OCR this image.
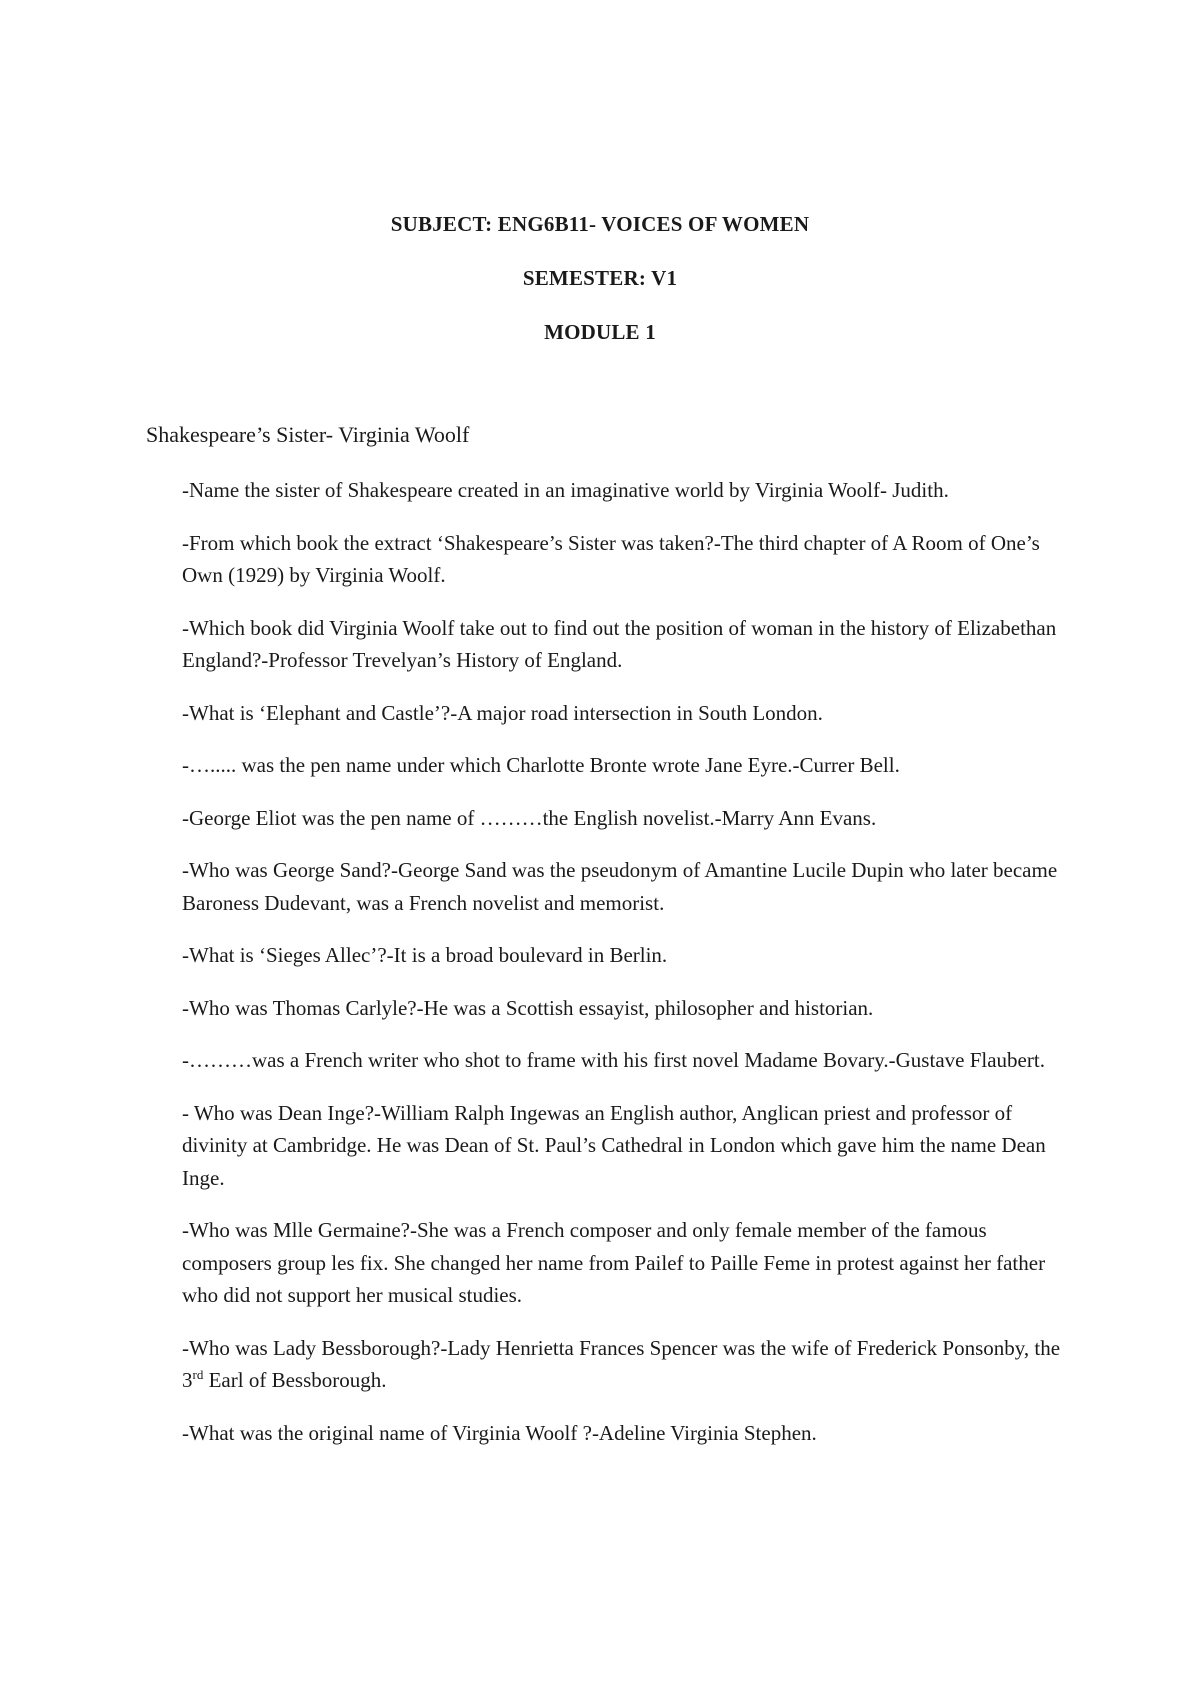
SUBJECT: ENG6B11- VOICES OF WOMEN
SEMESTER: V1
MODULE 1
Shakespeare’s Sister- Virginia Woolf

-Name the sister of Shakespeare created in an imaginative world by Virginia Woolf- Judith.

-From which book the extract ‘Shakespeare’s Sister was taken?-The third chapter of A Room of One’s Own (1929) by Virginia Woolf.

-Which book did Virginia Woolf take out to find out the position of woman in the history of Elizabethan England?-Professor Trevelyan’s History of England.

-What is ‘Elephant and Castle’?-A major road intersection in South London.

-…..... was the pen name under which Charlotte Bronte wrote Jane Eyre.-Currer Bell.

-George Eliot was the pen name of ………the English novelist.-Marry Ann Evans.

-Who was George Sand?-George Sand was the pseudonym of Amantine Lucile Dupin who later became Baroness Dudevant, was a French novelist and memorist.

-What is ‘Sieges Allec’?-It is a broad boulevard in Berlin.

-Who was Thomas Carlyle?-He was a Scottish essayist, philosopher and historian.

-………was a French writer who shot to frame with his first novel Madame Bovary.-Gustave Flaubert.

- Who was Dean Inge?-William Ralph Ingewas an English author, Anglican priest and professor of divinity at Cambridge. He was Dean of St. Paul’s Cathedral in London which gave him the name Dean Inge.

-Who was Mlle Germaine?-She was a French composer and only female member of the famous composers group les fix. She changed her name from Pailef to Paille Feme in protest against her father who did not support her musical studies.

-Who was Lady Bessborough?-Lady Henrietta Frances Spencer was the wife of Frederick Ponsonby, the 3rd Earl of Bessborough.

-What was the original name of Virginia Woolf ?-Adeline Virginia Stephen.
